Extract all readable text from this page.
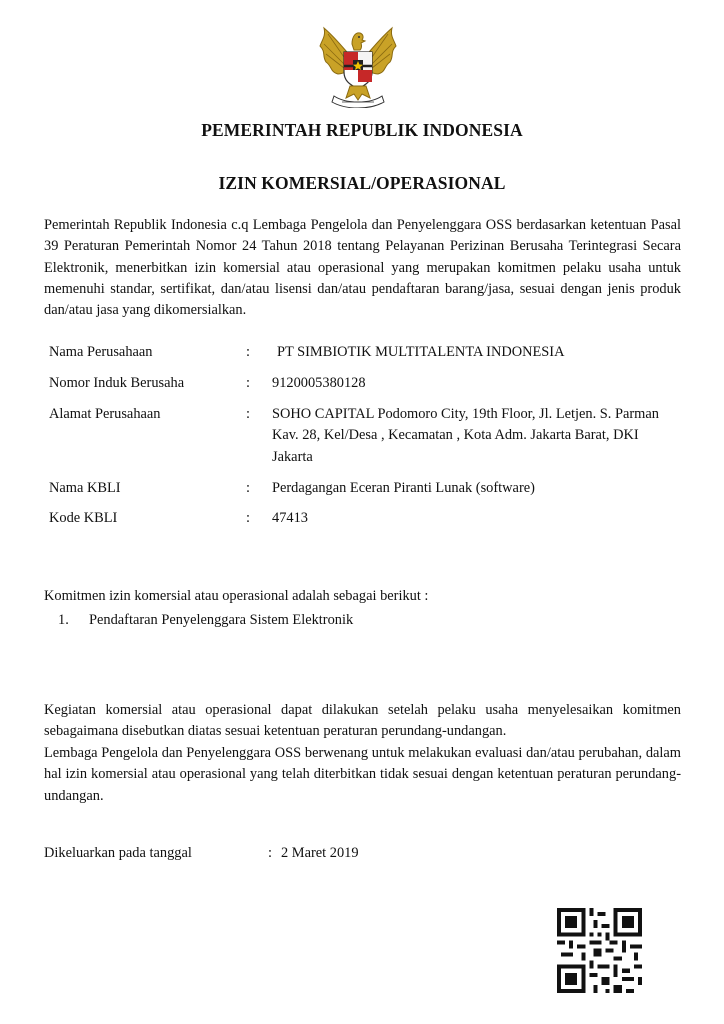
PEMERINTAH REPUBLIK INDONESIA
IZIN KOMERSIAL/OPERASIONAL
Pemerintah Republik Indonesia c.q Lembaga Pengelola dan Penyelenggara OSS berdasarkan ketentuan Pasal 39 Peraturan Pemerintah Nomor 24 Tahun 2018 tentang Pelayanan Perizinan Berusaha Terintegrasi Secara Elektronik, menerbitkan izin komersial atau operasional yang merupakan komitmen pelaku usaha untuk memenuhi standar, sertifikat, dan/atau lisensi dan/atau pendaftaran barang/jasa, sesuai dengan jenis produk dan/atau jasa yang dikomersialkan.
Nama Perusahaan	: PT SIMBIOTIK MULTITALENTA INDONESIA
Nomor Induk Berusaha	: 9120005380128
Alamat Perusahaan	: SOHO CAPITAL Podomoro City, 19th Floor, Jl. Letjen. S. Parman Kav. 28, Kel/Desa , Kecamatan , Kota Adm. Jakarta Barat, DKI Jakarta
Nama KBLI	: Perdagangan Eceran Piranti Lunak (software)
Kode KBLI	: 47413
Komitmen izin komersial atau operasional adalah sebagai berikut :
1. Pendaftaran Penyelenggara Sistem Elektronik
Kegiatan komersial atau operasional dapat dilakukan setelah pelaku usaha menyelesaikan komitmen sebagaimana disebutkan diatas sesuai ketentuan peraturan perundang-undangan.
Lembaga Pengelola dan Penyelenggara OSS berwenang untuk melakukan evaluasi dan/atau perubahan, dalam hal izin komersial atau operasional yang telah diterbitkan tidak sesuai dengan ketentuan peraturan perundang-undangan.
Dikeluarkan pada tanggal	: 2 Maret 2019
